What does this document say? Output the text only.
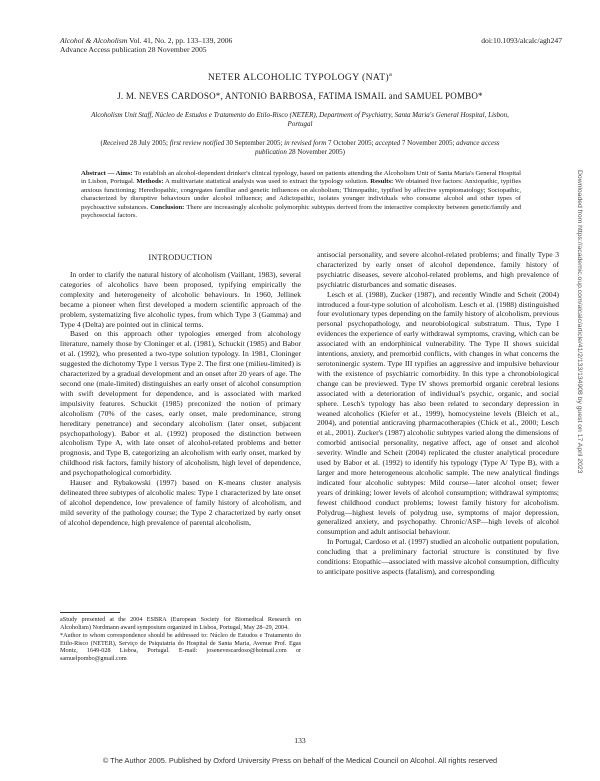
Alcohol & Alcoholism Vol. 41, No. 2, pp. 133–139, 2006
Advance Access publication 28 November 2005
doi:10.1093/alcalc/agh247
NETER ALCOHOLIC TYPOLOGY (NAT)$^a$
J. M. NEVES CARDOSO*, ANTONIO BARBOSA, FATIMA ISMAIL and SAMUEL POMBO*
Alcoholism Unit Staff, Núcleo de Estudos e Tratamento do Etilo-Risco (NETER), Department of Psychiatry, Santa Maria's General Hospital, Lisbon, Portugal
(Received 28 July 2005; first review notified 30 September 2005; in revised form 7 October 2005; accepted 7 November 2005; advance access publication 28 November 2005)
Abstract — Aims: To establish an alcohol-dependent drinker's clinical typology, based on patients attending the Alcoholism Unit of Santa Maria's General Hospital in Lisbon, Portugal. Methods: A multivariate statistical analysis was used to extract the typology solution. Results: We obtained five factors: Anxiopathic, typifies anxious functioning; Herediopathic, congregates familiar and genetic influences on alcoholism; Thimopathic, typified by affective symptomatology; Sociopathic, characterized by disruptive behaviours under alcohol influence; and Adictopathic, isolates younger individuals who consume alcohol and other types of psychoactive substances. Conclusion: There are increasingly alcoholic polymorphic subtypes derived from the interactive complexity between genetic/family and psychosocial factors.
INTRODUCTION

In order to clarify the natural history of alcoholism (Vaillant, 1983), several categories of alcoholics have been proposed, typifying empirically the complexity and heterogeneity of alcoholic behaviours. In 1960, Jellinek became a pioneer when first developed a modern scientific approach of the problem, systematizing five alcoholic types, from which Type 3 (Gamma) and Type 4 (Delta) are pointed out in clinical terms.

Based on this approach other typologies emerged from alcohology literature, namely those by Cloninger et al. (1981), Schuckit (1985) and Babor et al. (1992), who presented a two-type solution typology. In 1981, Cloninger suggested the dichotomy Type 1 versus Type 2. The first one (milieu-limited) is characterized by a gradual development and an onset after 20 years of age. The second one (male-limited) distinguishes an early onset of alcohol consumption with swift development for dependence, and is associated with marked impulsivity features. Schuckit (1985) preconized the notion of primary alcoholism (70% of the cases, early onset, male predominance, strong hereditary penetrance) and secondary alcoholism (later onset, subjacent psychopathology). Babor et al. (1992) proposed the distinction between alcoholism Type A, with late onset of alcohol-related problems and better prognosis, and Type B, categorizing an alcoholism with early onset, marked by childhood risk factors, family history of alcoholism, high level of dependence, and psychopathological comorbidity.

Hauser and Rybakowski (1997) based on K-means cluster analysis delineated three subtypes of alcoholic males: Type 1 characterized by late onset of alcohol dependence, low prevalence of family history of alcoholism, and mild severity of the pathology course; the Type 2 characterized by early onset of alcohol dependence, high prevalence of parental alcoholism,

aStudy presented at the 2004 ESBRA (European Society for Biomedical Research on Alcoholism) Nordmann award symposium organized in Lisboa, Portugal, May 28–29, 2004.

*Author to whom correspondence should be addressed to: Núcleo de Estudos e Tratamento do Etilo-Risco (NETER), Serviço de Psiquiatria do Hospital de Santa Maria, Avenue Prof. Egas Moniz, 1649-028 Lisboa, Portugal. E-mail: josenevescardoso@hotmail.com or samuelpombo@gmail.com

antisocial personality, and severe alcohol-related problems; and finally Type 3 characterized by early onset of alcohol dependence, family history of psychiatric diseases, severe alcohol-related problems, and high prevalence of psychiatric disturbances and somatic diseases.

Lesch et al. (1988), Zucker (1987), and recently Windle and Scheit (2004) introduced a four-type solution of alcoholism. Lesch et al. (1988) distinguished four evolutionary types depending on the family history of alcoholism, previous personal psychopathology, and neurobiological substratum. Thus, Type I evidences the experience of early withdrawal symptoms, craving, which can be associated with an endorphinical vulnerability. The Type II shows suicidal intentions, anxiety, and premorbid conflicts, with changes in what concerns the serotoninergic system. Type III typifies an aggressive and impulsive behaviour with the existence of psychiatric comorbidity. In this type a chronobiological change can be previewed. Type IV shows premorbid organic cerebral lesions associated with a deterioration of individual's psychic, organic, and social sphere. Lesch's typology has also been related to secondary depression in weaned alcoholics (Kiefer et al., 1999), homocysteine levels (Bleich et al., 2004), and potential anticraving pharmacotherapies (Chick et al., 2000; Lesch et al., 2001). Zucker's (1987) alcoholic subtypes varied along the dimensions of comorbid antisocial personality, negative affect, age of onset and alcohol severity. Windle and Scheit (2004) replicated the cluster analytical procedure used by Babor et al. (1992) to identify his typology (Type A/ Type B), with a larger and more heterogeneous alcoholic sample. The new analytical findings indicated four alcoholic subtypes: Mild course—later alcohol onset; fewer years of drinking; lower levels of alcohol consumption; withdrawal symptoms; fewest childhood conduct problems; lowest family history for alcoholism. Polydrug—highest levels of polydrug use, symptoms of major depression, generalized anxiety, and psychopathy. Chronic/ASP—high levels of alcohol consumption and adult antisocial behaviour.

In Portugal, Cardoso et al. (1997) studied an alcoholic outpatient population, concluding that a preliminary factorial structure is constituted by five conditions: Etopathic—associated with massive alcohol consumption, difficulty to anticipate positive aspects (fatalism), and corresponding

Downloaded from https://academic.oup.com/alcalc/article/41/2/133/134908 by guest on 17 April 2023
133
© The Author 2005. Published by Oxford University Press on behalf of the Medical Council on Alcohol. All rights reserved
